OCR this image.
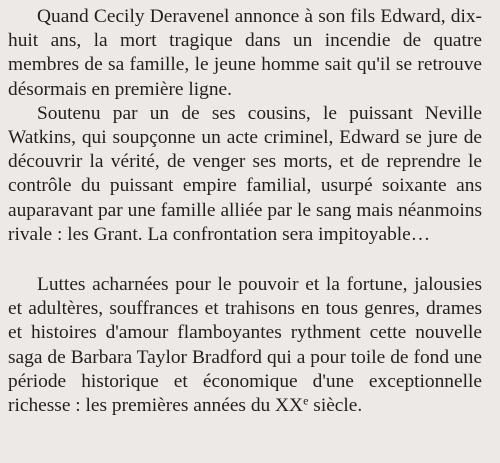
Quand Cecily Deravenel annonce à son fils Edward, dix-huit ans, la mort tragique dans un incendie de quatre membres de sa famille, le jeune homme sait qu'il se retrouve désormais en première ligne.

Soutenu par un de ses cousins, le puissant Neville Watkins, qui soupçonne un acte criminel, Edward se jure de découvrir la vérité, de venger ses morts, et de reprendre le contrôle du puissant empire familial, usurpé soixante ans auparavant par une famille alliée par le sang mais néanmoins rivale : les Grant. La confrontation sera impitoyable…

Luttes acharnées pour le pouvoir et la fortune, jalousies et adultères, souffrances et trahisons en tous genres, drames et histoires d'amour flamboyantes rythment cette nouvelle saga de Barbara Taylor Bradford qui a pour toile de fond une période historique et économique d'une exceptionnelle richesse : les premières années du XXe siècle.
